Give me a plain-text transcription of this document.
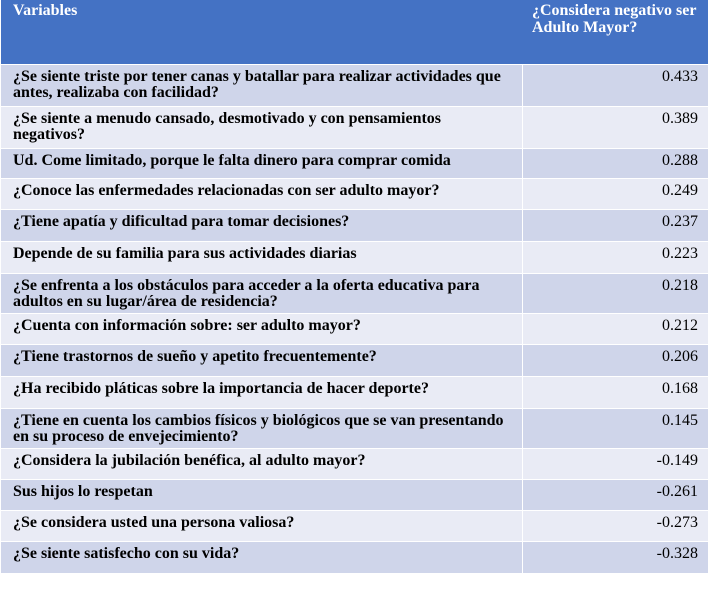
Variables	¿Considera negativo ser Adulto Mayor?
¿Se siente triste por tener canas y batallar para realizar actividades que antes, realizaba con facilidad?	0.433
¿Se siente a menudo cansado, desmotivado y con pensamientos negativos?	0.389
Ud. Come limitado, porque le falta dinero para comprar comida	0.288
¿Conoce las enfermedades relacionadas con ser adulto mayor?	0.249
¿Tiene apatía y dificultad para tomar decisiones?	0.237
Depende de su familia para sus actividades diarias	0.223
¿Se enfrenta a los obstáculos para acceder a la oferta educativa para adultos en su lugar/área de residencia?	0.218
¿Cuenta con información sobre: ser adulto mayor?	0.212
¿Tiene trastornos de sueño y apetito frecuentemente?	0.206
¿Ha recibido pláticas sobre la importancia de hacer deporte?	0.168
¿Tiene en cuenta los cambios físicos y biológicos que se van presentando en su proceso de envejecimiento?	0.145
¿Considera la jubilación benéfica, al adulto mayor?	-0.149
Sus hijos lo respetan	-0.261
¿Se considera usted una persona valiosa?	-0.273
¿Se siente satisfecho con su vida?	-0.328
